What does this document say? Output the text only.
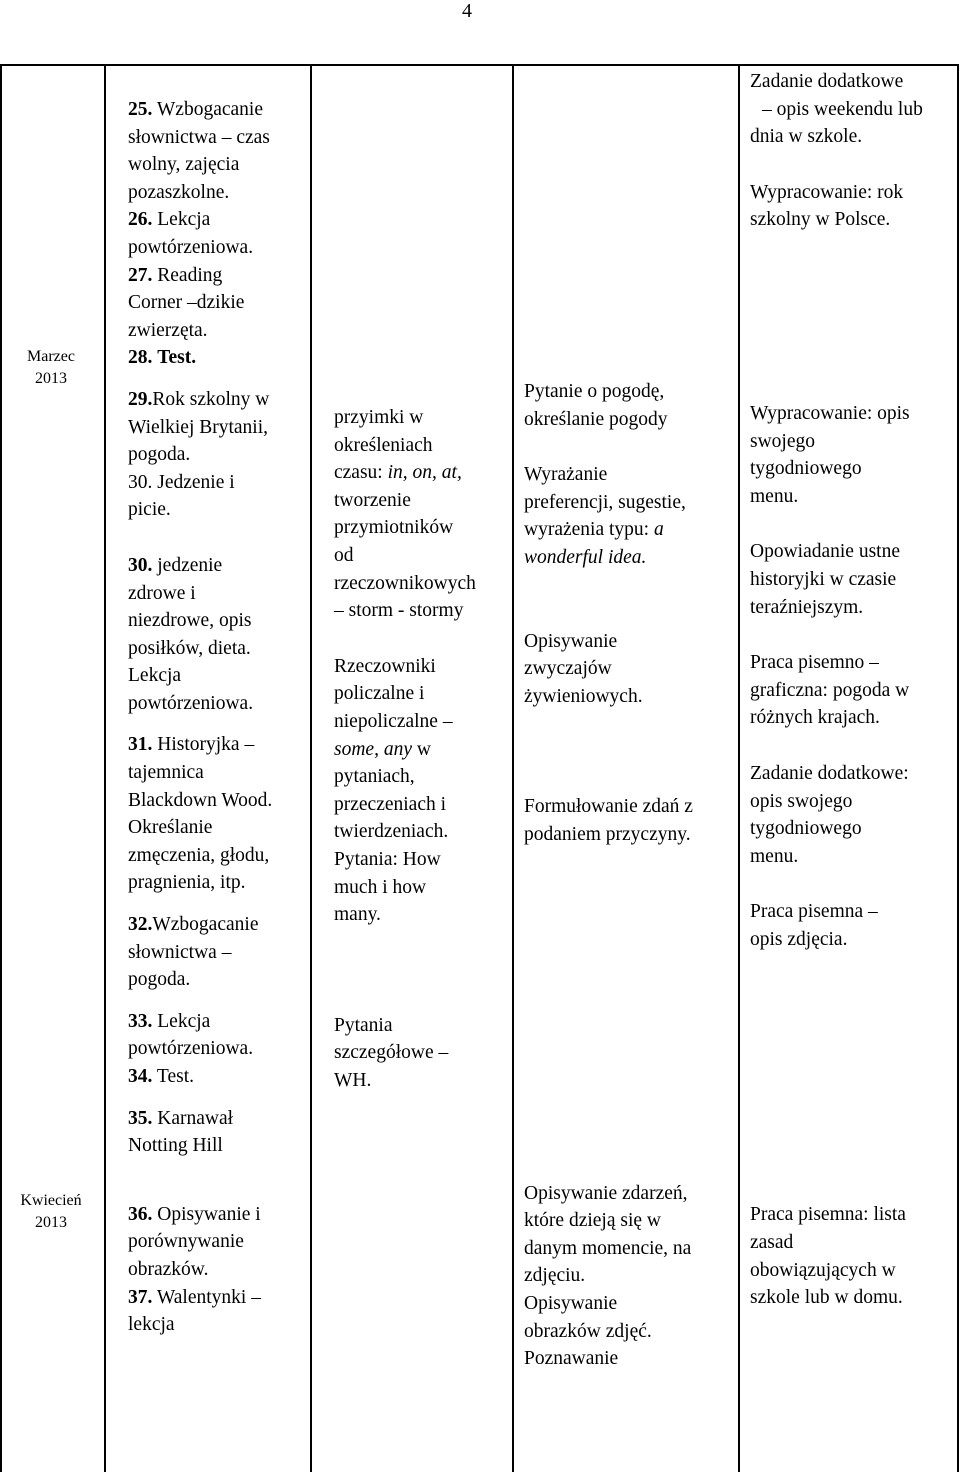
4
Marzec
2013
Kwiecień
2013
25. Wzbogacanie
słownictwa – czas
wolny, zajęcia
pozaszkolne.
26. Lekcja
powtórzeniowa.
27. Reading
Corner –dzikie
zwierzęta.
28. Test.
29.Rok szkolny w
Wielkiej Brytanii,
pogoda.
30. Jedzenie i
picie.
30. jedzenie
zdrowe i
niezdrowe, opis
posiłków, dieta.
Lekcja
powtórzeniowa.
31. Historyjka –
tajemnica
Blackdown Wood.
Określanie
zmęczenia, głodu,
pragnienia, itp.
32.Wzbogacanie
słownictwa –
pogoda.
33. Lekcja
powtórzeniowa.
34. Test.
35. Karnawał
Notting Hill
36. Opisywanie i
porównywanie
obrazków.
37. Walentynki –
lekcja
przyimki w
określeniach
czasu: in, on, at,
tworzenie
przymiotników
od
rzeczownikowych
– storm - stormy
Rzeczowniki
policzalne i
niepoliczalne –
some, any w
pytaniach,
przeczeniach i
twierdzeniach.
Pytania: How
much i how
many.
Pytania
szczegółowe –
WH.
Pytanie o pogodę,
określanie pogody
Wyrażanie
preferencji, sugestie,
wyrażenia typu: a
wonderful idea.
Opisywanie
zwyczajów
żywieniowych.
Formułowanie zdań z
podaniem przyczyny.
Opisywanie zdarzeń,
które dzieją się w
danym momencie, na
zdjęciu.
Opisywanie
obrazków zdjęć.
Poznawanie
Zadanie dodatkowe
– opis weekendu lub
dnia w szkole.
Wypracowanie: rok
szkolny w Polsce.
Wypracowanie: opis
swojego
tygodniowego
menu.
Opowiadanie ustne
historyjki w czasie
teraźniejszym.
Praca pisemno –
graficzna: pogoda w
różnych krajach.
Zadanie dodatkowe:
opis swojego
tygodniowego
menu.
Praca pisemna –
opis zdjęcia.
Praca pisemna: lista
zasad
obowiązujących w
szkole lub w domu.
